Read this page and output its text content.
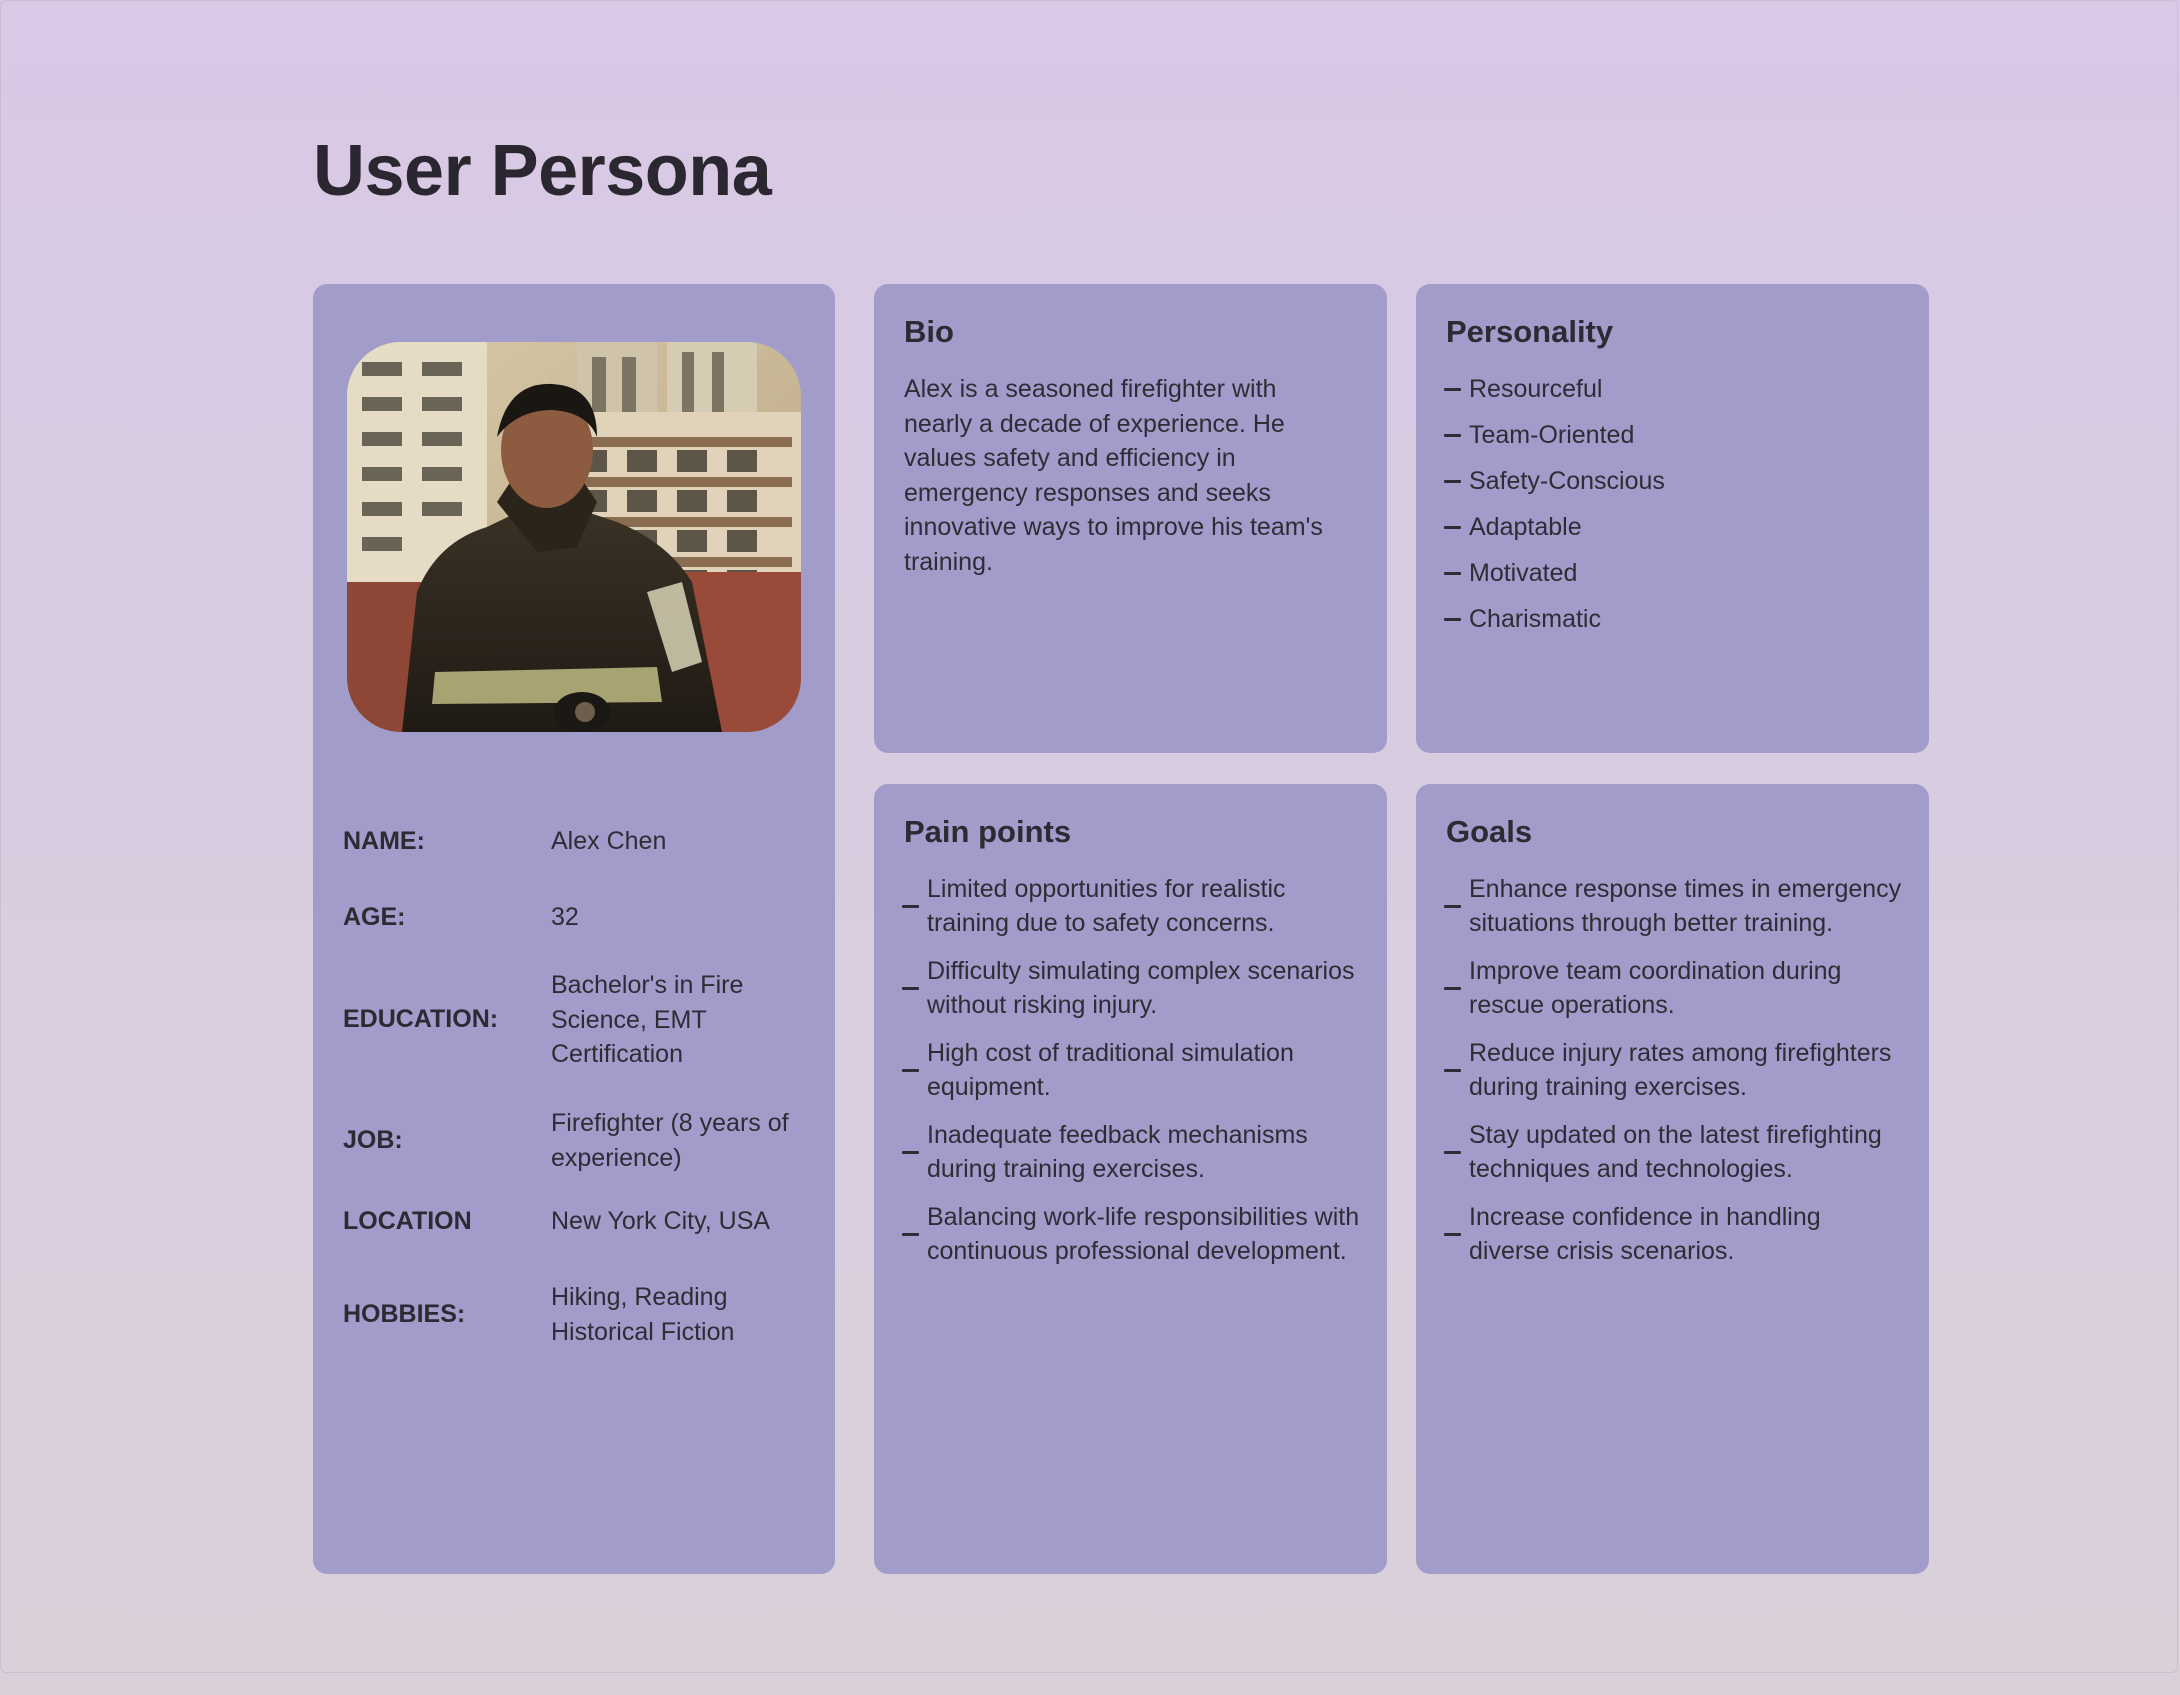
User Persona
NAME:	Alex Chen
AGE:	32
EDUCATION:
Bachelor's in Fire Science, EMT Certification
JOB:
Firefighter (8 years of experience)
LOCATION	New York City, USA
HOBBIES:
Hiking, Reading Historical Fiction
Bio

Alex is a seasoned firefighter with nearly a decade of experience. He values safety and efficiency in emergency responses and seeks innovative ways to improve his team's training.

Personality
Resourceful
Team-Oriented
Safety-Conscious
Adaptable
Motivated
Charismatic
Pain points
Limited opportunities for realistic training due to safety concerns.
Difficulty simulating complex scenarios without risking injury.
High cost of traditional simulation equipment.
Inadequate feedback mechanisms during training exercises.
Balancing work-life responsibilities with continuous professional development.
Goals
Enhance response times in emergency situations through better training.
Improve team coordination during rescue operations.
Reduce injury rates among firefighters during training exercises.
Stay updated on the latest firefighting techniques and technologies.
Increase confidence in handling diverse crisis scenarios.
